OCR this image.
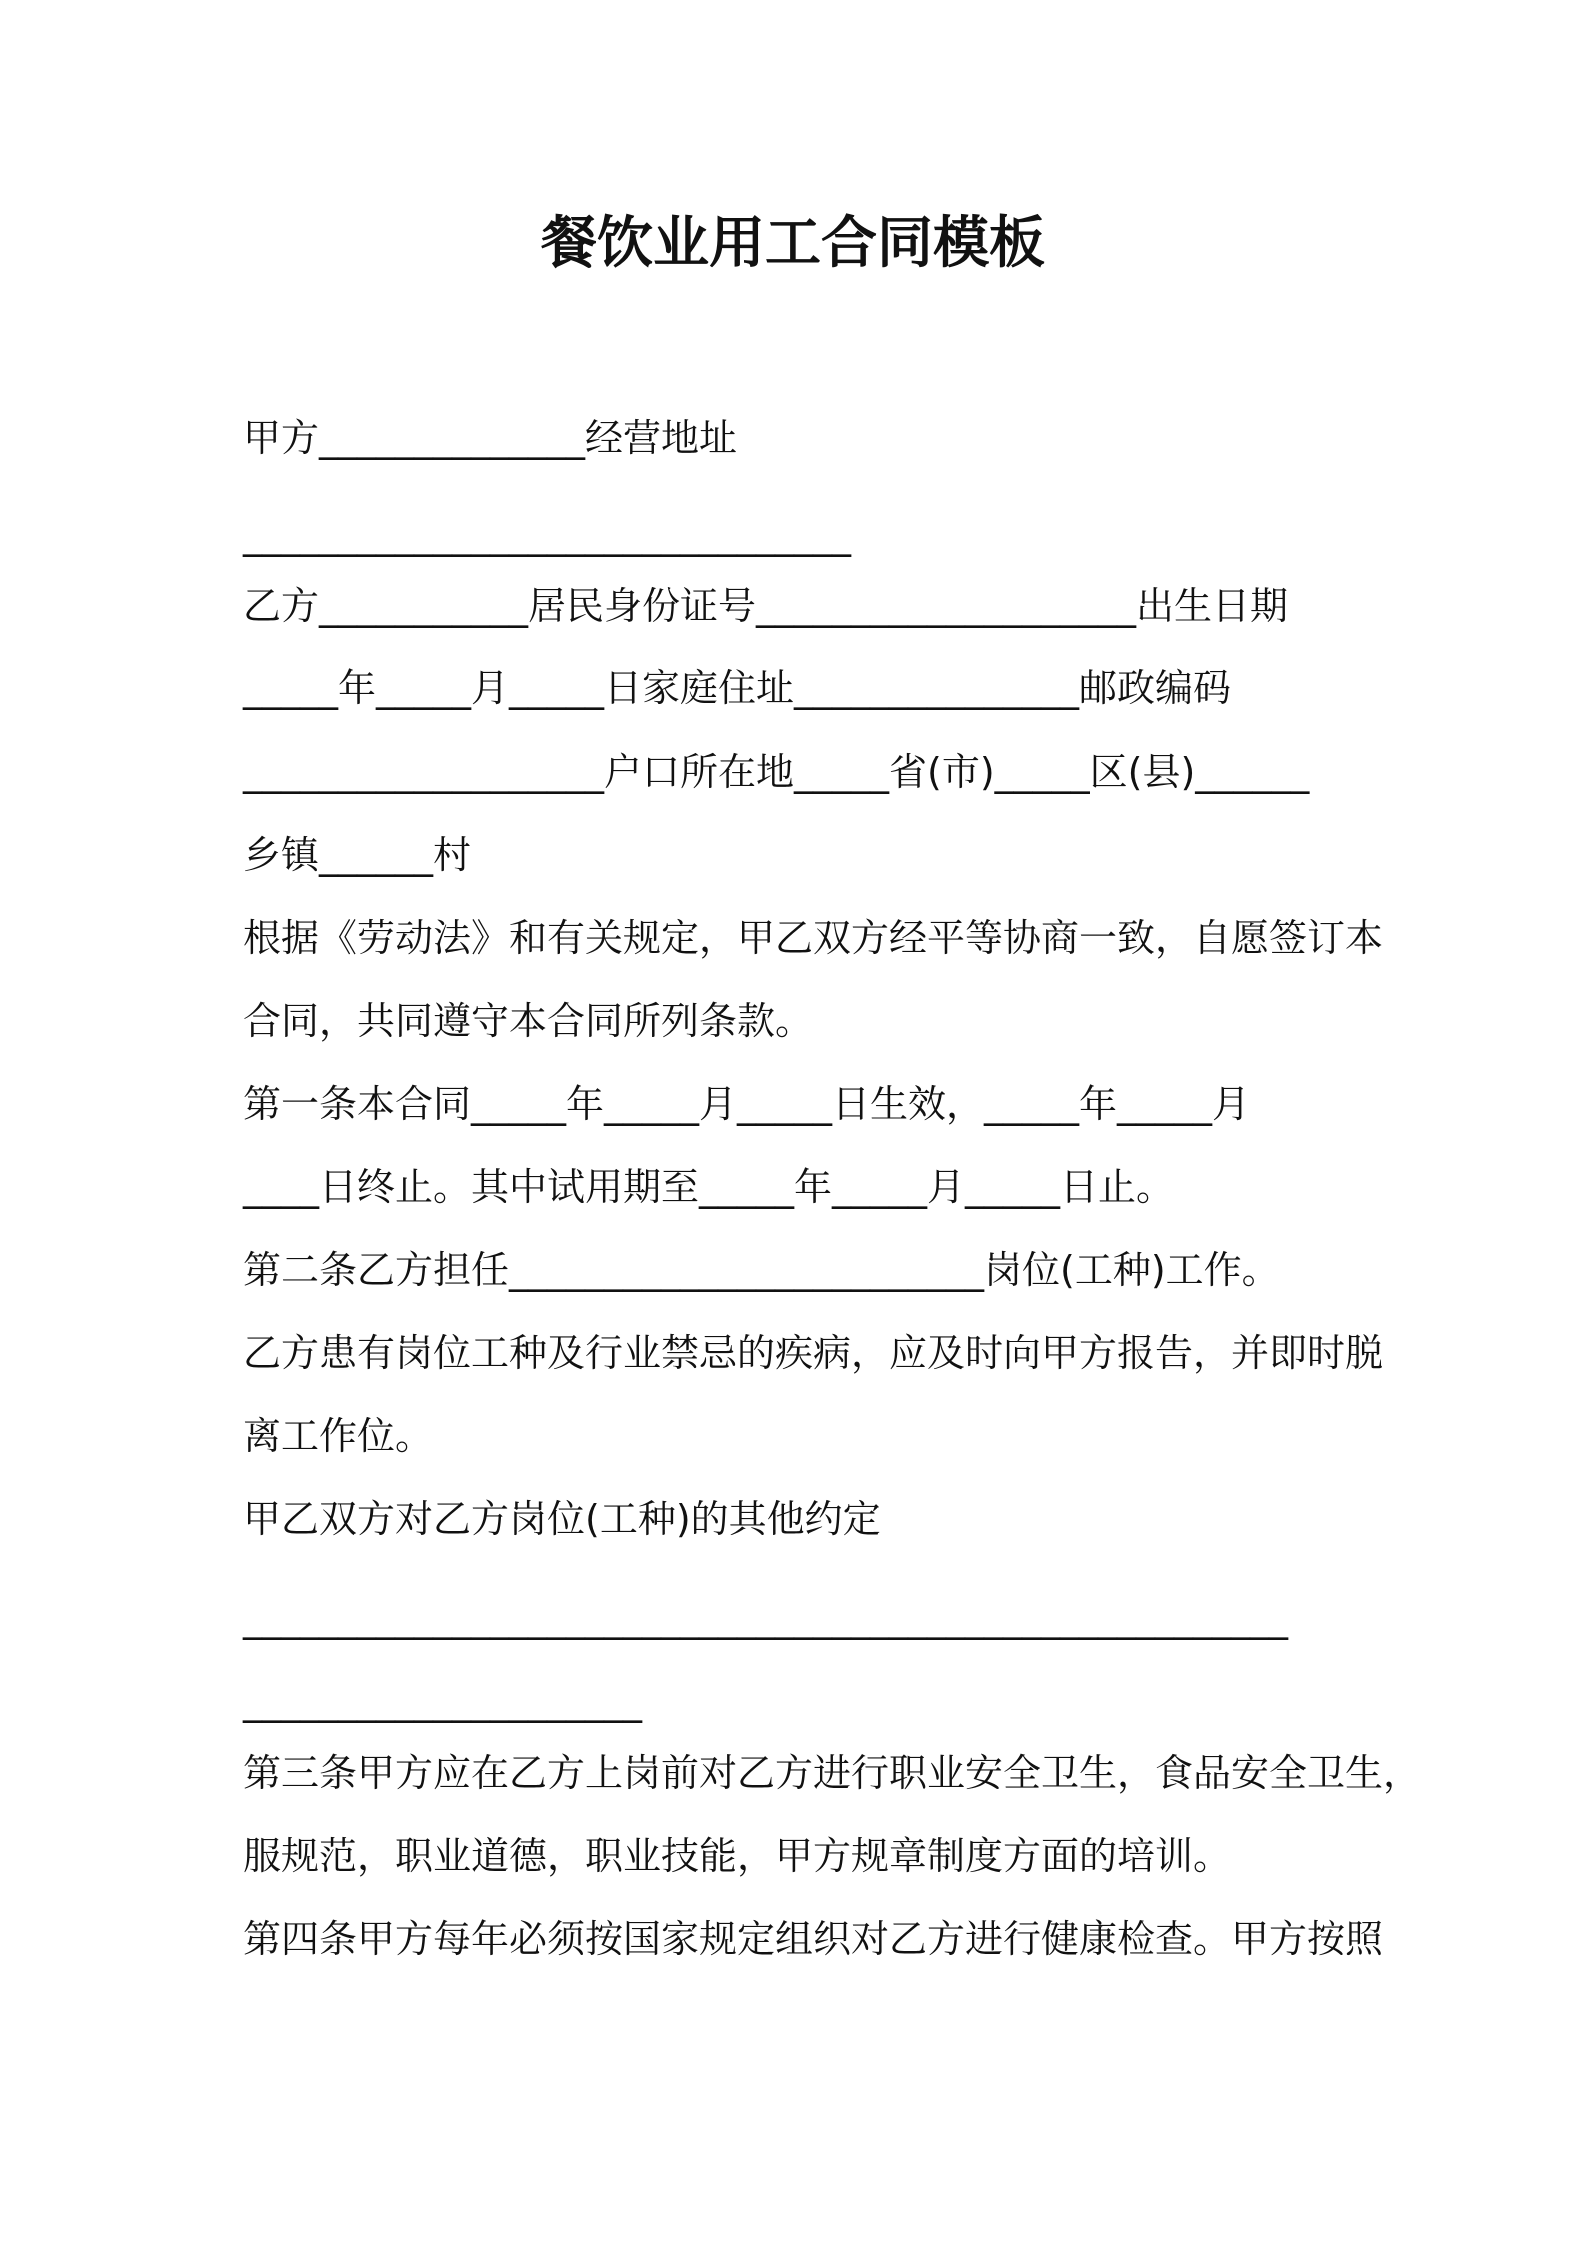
餐饮业用工合同模板
甲方______________经营地址
________________________________
乙方___________居民身份证号____________________出生日期
_____年_____月_____日家庭住址_______________邮政编码
___________________户口所在地_____省(市)_____区(县)______
乡镇______村
根据《劳动法》和有关规定，甲乙双方经平等协商一致，自愿签订本
合同，共同遵守本合同所列条款。
第一条本合同_____年_____月_____日生效，_____年_____月
____日终止。其中试用期至_____年_____月_____日止。
第二条乙方担任_________________________岗位(工种)工作。
乙方患有岗位工种及行业禁忌的疾病，应及时向甲方报告，并即时脱
离工作位。
甲乙双方对乙方岗位(工种)的其他约定
_______________________________________________________
_____________________
第三条甲方应在乙方上岗前对乙方进行职业安全卫生，食品安全卫生，
服规范，职业道德，职业技能，甲方规章制度方面的培训。
第四条甲方每年必须按国家规定组织对乙方进行健康检查。甲方按照
